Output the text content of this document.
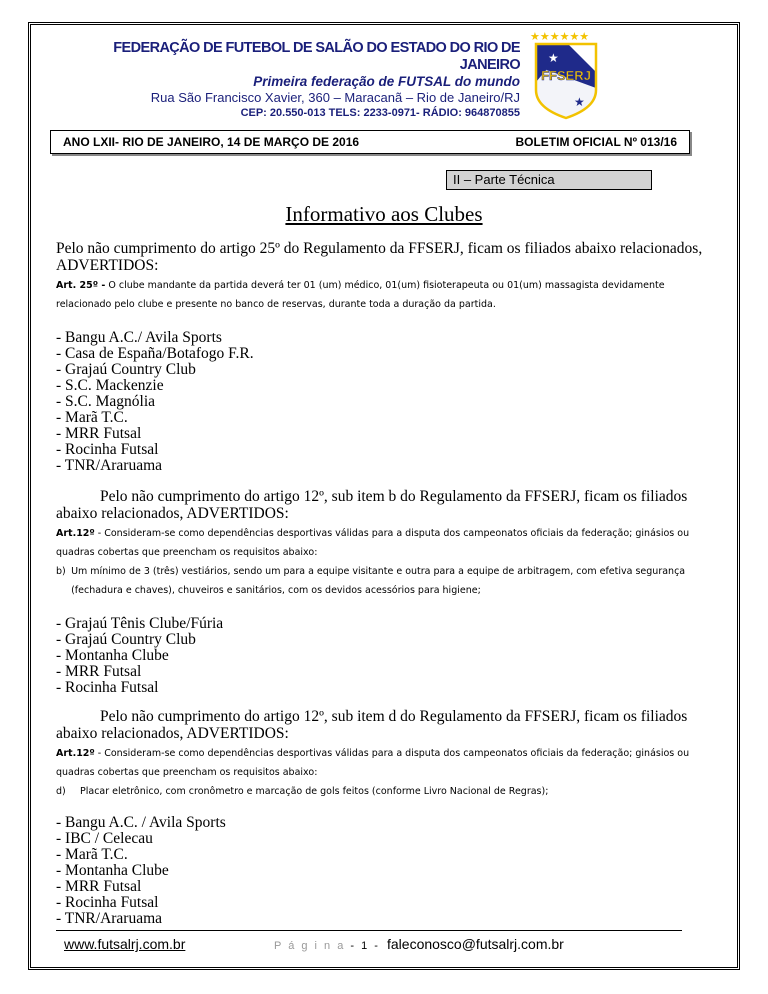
FEDERAÇÃO DE FUTEBOL DE SALÃO DO ESTADO DO RIO DE JANEIRO
Primeira federação de FUTSAL do mundo
Rua São Francisco Xavier, 360 – Maracanã – Rio de Janeiro/RJ
CEP: 20.550-013 TELS: 2233-0971- RÁDIO: 964870855
★★★★★★
FFSERJ
★
★
ANO LXII- RIO DE JANEIRO, 14 DE MARÇO DE 2016	BOLETIM OFICIAL Nº 013/16
II – Parte Técnica
Informativo aos Clubes

Pelo não cumprimento do artigo 25º do Regulamento da FFSERJ, ficam os filiados abaixo relacionados, ADVERTIDOS:

Art. 25º - O clube mandante da partida deverá ter 01 (um) médico, 01(um) fisioterapeuta ou 01(um) massagista devidamente relacionado pelo clube e presente no banco de reservas, durante toda a duração da partida.
- Bangu A.C./ Avila Sports
- Casa de España/Botafogo F.R.
- Grajaú Country Club
- S.C. Mackenzie
- S.C. Magnólia
- Marã T.C.
- MRR Futsal
- Rocinha Futsal
- TNR/Araruama

Pelo não cumprimento do artigo 12º, sub item b do Regulamento da FFSERJ, ficam os filiados abaixo relacionados, ADVERTIDOS:

Art.12º - Consideram-se como dependências desportivas válidas para a disputa dos campeonatos oficiais da federação; ginásios ou quadras cobertas que preencham os requisitos abaixo:
b) Um mínimo de 3 (três) vestiários, sendo um para a equipe visitante e outra para a equipe de arbitragem, com efetiva segurança (fechadura e chaves), chuveiros e sanitários, com os devidos acessórios para higiene;
- Grajaú Tênis Clube/Fúria
- Grajaú Country Club
- Montanha Clube
- MRR Futsal
- Rocinha Futsal

Pelo não cumprimento do artigo 12º, sub item d do Regulamento da FFSERJ, ficam os filiados abaixo relacionados, ADVERTIDOS:

Art.12º - Consideram-se como dependências desportivas válidas para a disputa dos campeonatos oficiais da federação; ginásios ou quadras cobertas que preencham os requisitos abaixo:
d)	Placar eletrônico, com cronômetro e marcação de gols feitos (conforme Livro Nacional de Regras);
- Bangu A.C. / Avila Sports
- IBC / Celecau
- Marã T.C.
- Montanha Clube
- MRR Futsal
- Rocinha Futsal
- TNR/Araruama
www.futsalrj.com.br	P á g i n a - 1 - faleconosco@futsalrj.com.br
